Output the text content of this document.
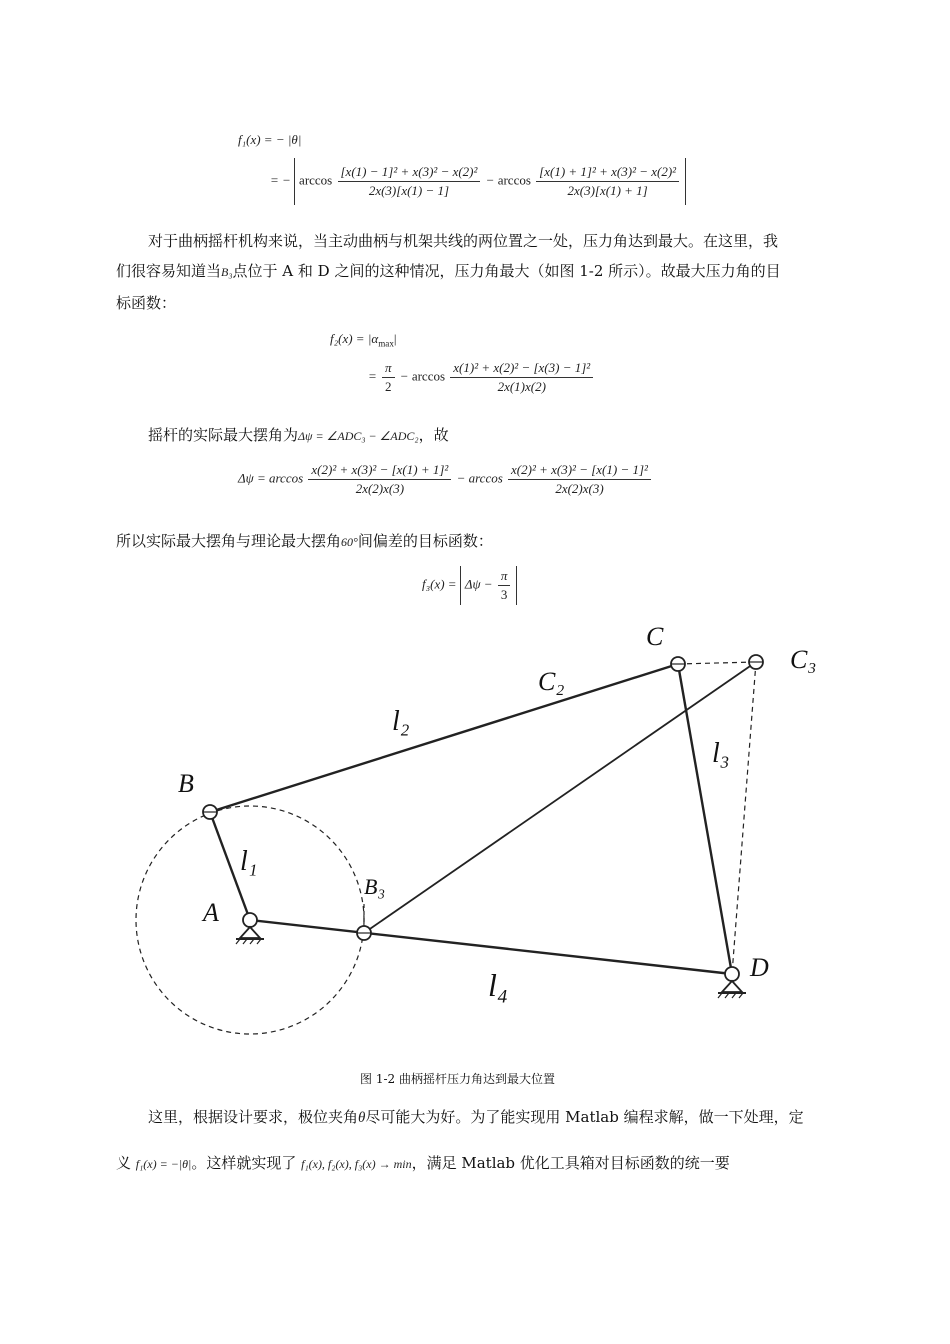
f₁(x) = − |θ|
= − $\arccos \frac{\text{[x(1) − 1]² + x(3)² − x(2)²}}{2x(3)[x(1) - 1]} - \arccos \frac{\text{[x(1) + 1]² + x(3)² − x(2)²}}{2x(3)[x(1) + 1]}$
对于曲柄摇杆机构来说，当主动曲柄与机架共线的两位置之一处，压力角达到最大。在这里，我
们很容易知道当B₃点位于 A 和 D 之间的这种情况，压力角最大（如图 1-2 所示）。故最大压力角的目
标函数：
$f_2(x) = |\alpha_{max}|$
= $\frac{\pi}{2} - \arccos \frac{\text{x(1)² + x(2)² − [x(3) − 1]²}}{2x(1)x(2)}$
摇杆的实际最大摆角为Δψ = ∠ADC₃ − ∠ADC₂，故
$\Delta\psi = \arccos \frac{\text{x(2)² + x(3)² − [x(1) + 1]²}}{2x(2)x(3)} - \arccos \frac{\text{x(2)² + x(3)² − [x(1) − 1]²}}{2x(2)x(3)}$
所以实际最大摆角与理论最大摆角60°间偏差的目标函数：
$f_3(x) = \Delta\psi - \frac{\pi}{3}$
A
B
C
C₂
C₃
B₃
D
l₁
l₂
l₃
l₄
图 1-2 曲柄摇杆压力角达到最大位置
这里，根据设计要求，极位夹角θ尽可能大为好。为了能实现用 Matlab 编程求解，做一下处理，定
义 f₁(x) = −|θ|。这样就实现了 f₁(x), f₂(x), f₃(x) → min，满足 Matlab 优化工具箱对目标函数的统一要
